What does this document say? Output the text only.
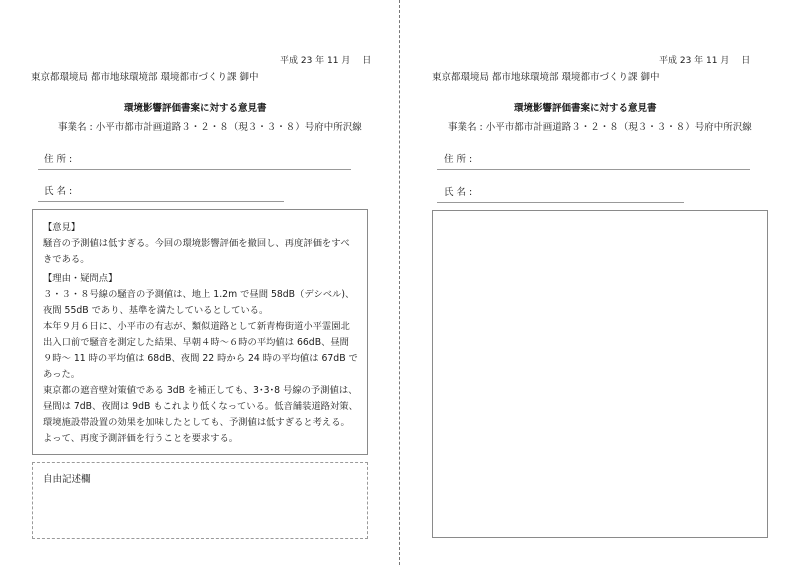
平成 23 年 11 月　 日
東京都環境局 都市地球環境部 環境都市づくり課 御中
環境影響評価書案に対する意見書
事業名 : 小平市都市計画道路３・２・８（現３・３・８）号府中所沢線
住 所 :
氏 名 :
【意見】
騒音の予測値は低すぎる。今回の環境影響評価を撤回し、再度評価をすべ
きである。
【理由・疑問点】
３・３・８号線の騒音の予測値は、地上 1.2m で昼間 58dB（デシベル)、
夜間 55dB であり、基準を満たしているとしている。
本年９月６日に、小平市の有志が、類似道路として新青梅街道小平霊園北
出入口前で騒音を測定した結果、早朝４時～６時の平均値は 66dB、昼間
９時～ 11 時の平均値は 68dB、夜間 22 時から 24 時の平均値は 67dB で
あった。
東京都の遮音壁対策値である 3dB を補正しても、3･3･8 号線の予測値は、
昼間は 7dB、夜間は 9dB もこれより低くなっている。低音舗装道路対策、
環境施設帯設置の効果を加味したとしても、予測値は低すぎると考える。
よって、再度予測評価を行うことを要求する。
自由記述欄
平成 23 年 11 月　 日
東京都環境局 都市地球環境部 環境都市づくり課 御中
環境影響評価書案に対する意見書
事業名 : 小平市都市計画道路３・２・８（現３・３・８）号府中所沢線
住 所 :
氏 名 :
